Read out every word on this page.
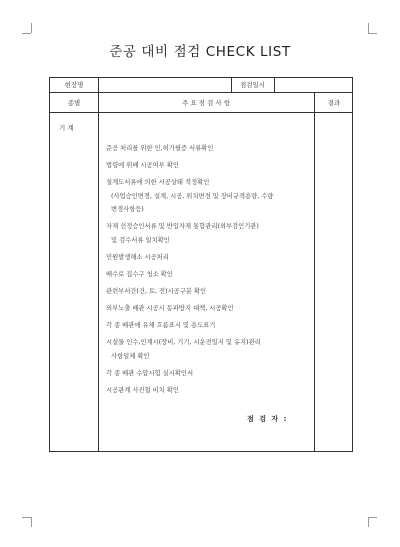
준공 대비 점검 CHECK LIST
현장명	점검일시
종별	주 요 점 검 사 항	결과
기 계
준공 처리를 위한 인,허가필증 서류확인
법령에 위배 시공여부 확인
설계도서류에 의한 시공상태 적정확인
(사업승인변경, 설계, 시공, 위치변경 및 장비규격용량, 수량
변경사항등)
자재 선정승인서류 및 반입자재 통합관리(외부검인기관)
및 검수서류 일치확인
민원발생해소 시공처리
배수로 집수구 청소 확인
관련부서간(건, 토, 전)시공구분 확인
외부노출 배관 시공시 동파방지 대책, 시공확인
각 종 배관에 유체 흐름표시 및 용도표기
시설물 인수,인계시(장비, 기기, 시운전일지 및 유지)관리
사항일체 확인
각 종 배관 수압시험 실시확인서
시공관계 사진첩 비치 확인
점 검 자 :
